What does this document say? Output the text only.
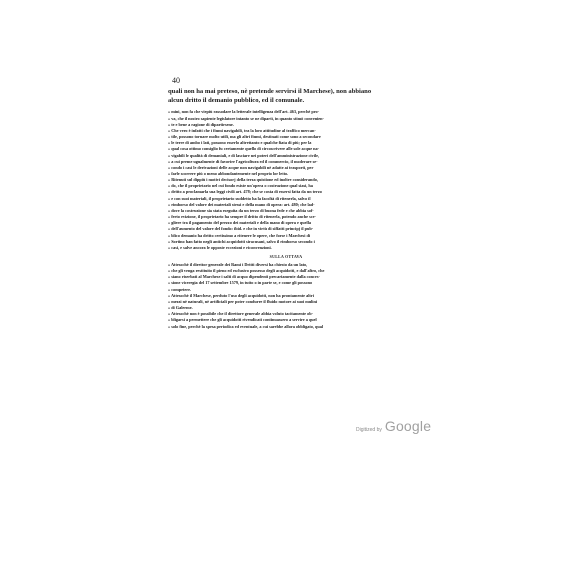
40

quali non ha mai preteso, nè pretende servirsi il Marchese), non abbiano

alcun dritto il demanio pubblico, ed il comunale.

» mini, non fa che viepiù rassodare la letterale intelligenza dell'art. 463, perchè pro-

» va, che il nostro sapiente legislatore intanto se ne dipartì, in quanto stimò convenien-

» te e bene a ragione di dipartirsene.

» Che vero è infatti che i fiumi navigabili, tra la loro attitudine al traffico mercan-

» tile, possono tornare molto utili, ma gli altri fiumi, destinati come sono a secondare

» le terre di ambo i lati, possono esserlo altrettanto e qualche fiata di più; per la

» qual cosa ottimo consiglio fu certamente quello di circoscrivere alle sole acque na-

» vigabili le qualità di demaniali, e di lasciare nei poteri dell'amministrazione civile,

» a cui preme ugualmente di favorire l'agricoltura ed il commercio, il moderare se-

» condo i casi le derivazioni delle acque non navigabili nè adatte ai trasporti, per

» farle scorrere più o meno abbondantemente nel proprio lor letto.

» Ritenuti sul dippiù i motivi decisorj della terza quistione ed inoltre considerando,

» do, che il proprietario nel cui fondo esiste un'opera o costruzione qual siasi, ha

» dritto a proclamarla sua leggi civili art. 478; che se costa di essersi fatta da un terzo

» e con suoi materiali, il proprietario suddetto ha la facoltà di ritenerla, salvo il

» rimborso del valore dei materiali stessi e della mano di opera: art. 480; che lad-

» dove la costruzione sia stata eseguita da un terzo di buona fede e che abbia sof-

» ferto evizione, il proprietario ha sempre il dritto di ritenerla, potendo anche sce-

» gliere tra il pagamento del prezzo dei materiali e della mano di opera e quella

» dell'aumento del valore del fondo: ibid. e che in virtù di siffatti principj il pub-

» blico demanio ha dritto certissimo a ritenere le opere, che forse i Marchesi di

» Sortino han fatto negli antichi acquidotti siracusani, salvo il rimborso secondo i

» casi, e salve ancora le opposte eccezioni e riconvenzioni.

SULLA OTTAVA

» Attesochè il direttor generale dei Rami i Dritti diversi ha chiesto da un lato,

» che gli venga restituito il pieno ed esclusivo possesso degli acquidotti, e dall'altro, che

» siano riserbati al Marchese i salti di acquo dipendenti precariamente dalla conces-

» sione viceregia del 17 settembre 1579, in tutto o in parte se, e come gli possono

» competere.

» Attesochè il Marchese, perduto l'uso degli acquidotti, non ha prontamente altri

» mezzi nè naturali, nè artificiali per poter condurre il fluido motore ai suoi mulini

» di Galerme.

» Attesochè non è possibile che il direttore generale abbia voluto tacitamente ob-

» bligarsi a permettere che gli acquidotti rivendicati continuassero a servire a quel

» solo fine, perchè la spesa periodica ed eventuale, a cui sarebbe allora obbligato, qual

Digitized by Google
